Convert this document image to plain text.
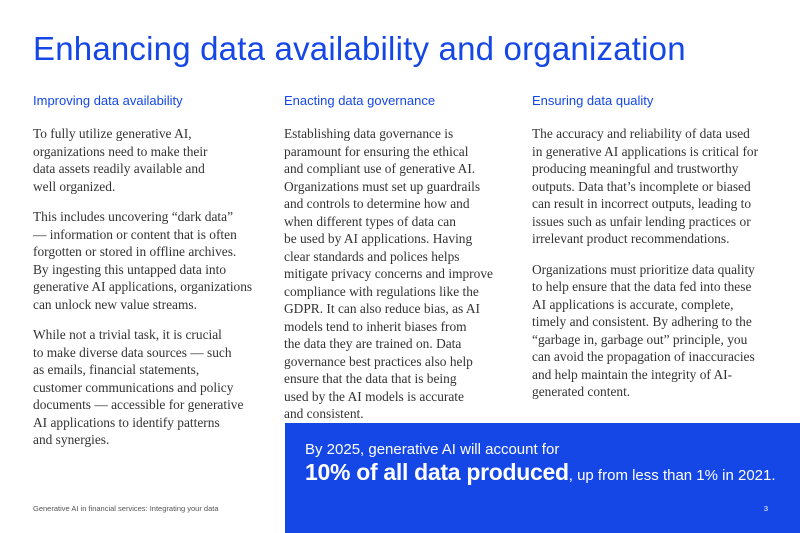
Enhancing data availability and organization
Improving data availability
To fully utilize generative AI,
organizations need to make their
data assets readily available and
well organized.
This includes uncovering “dark data”
— information or content that is often
forgotten or stored in offline archives.
By ingesting this untapped data into
generative AI applications, organizations
can unlock new value streams.
While not a trivial task, it is crucial
to make diverse data sources — such
as emails, financial statements,
customer communications and policy
documents — accessible for generative
AI applications to identify patterns
and synergies.
Enacting data governance
Establishing data governance is
paramount for ensuring the ethical
and compliant use of generative AI.
Organizations must set up guardrails
and controls to determine how and
when different types of data can
be used by AI applications. Having
clear standards and polices helps
mitigate privacy concerns and improve
compliance with regulations like the
GDPR. It can also reduce bias, as AI
models tend to inherit biases from
the data they are trained on. Data
governance best practices also help
ensure that the data that is being
used by the AI models is accurate
and consistent.
Ensuring data quality
The accuracy and reliability of data used
in generative AI applications is critical for
producing meaningful and trustworthy
outputs. Data that’s incomplete or biased
can result in incorrect outputs, leading to
issues such as unfair lending practices or
irrelevant product recommendations.
Organizations must prioritize data quality
to help ensure that the data fed into these
AI applications is accurate, complete,
timely and consistent. By adhering to the
“garbage in, garbage out” principle, you
can avoid the propagation of inaccuracies
and help maintain the integrity of AI-
generated content.
By 2025, generative AI will account for
10% of all data produced, up from less than 1% in 2021.
Generative AI in financial services: Integrating your data	3
